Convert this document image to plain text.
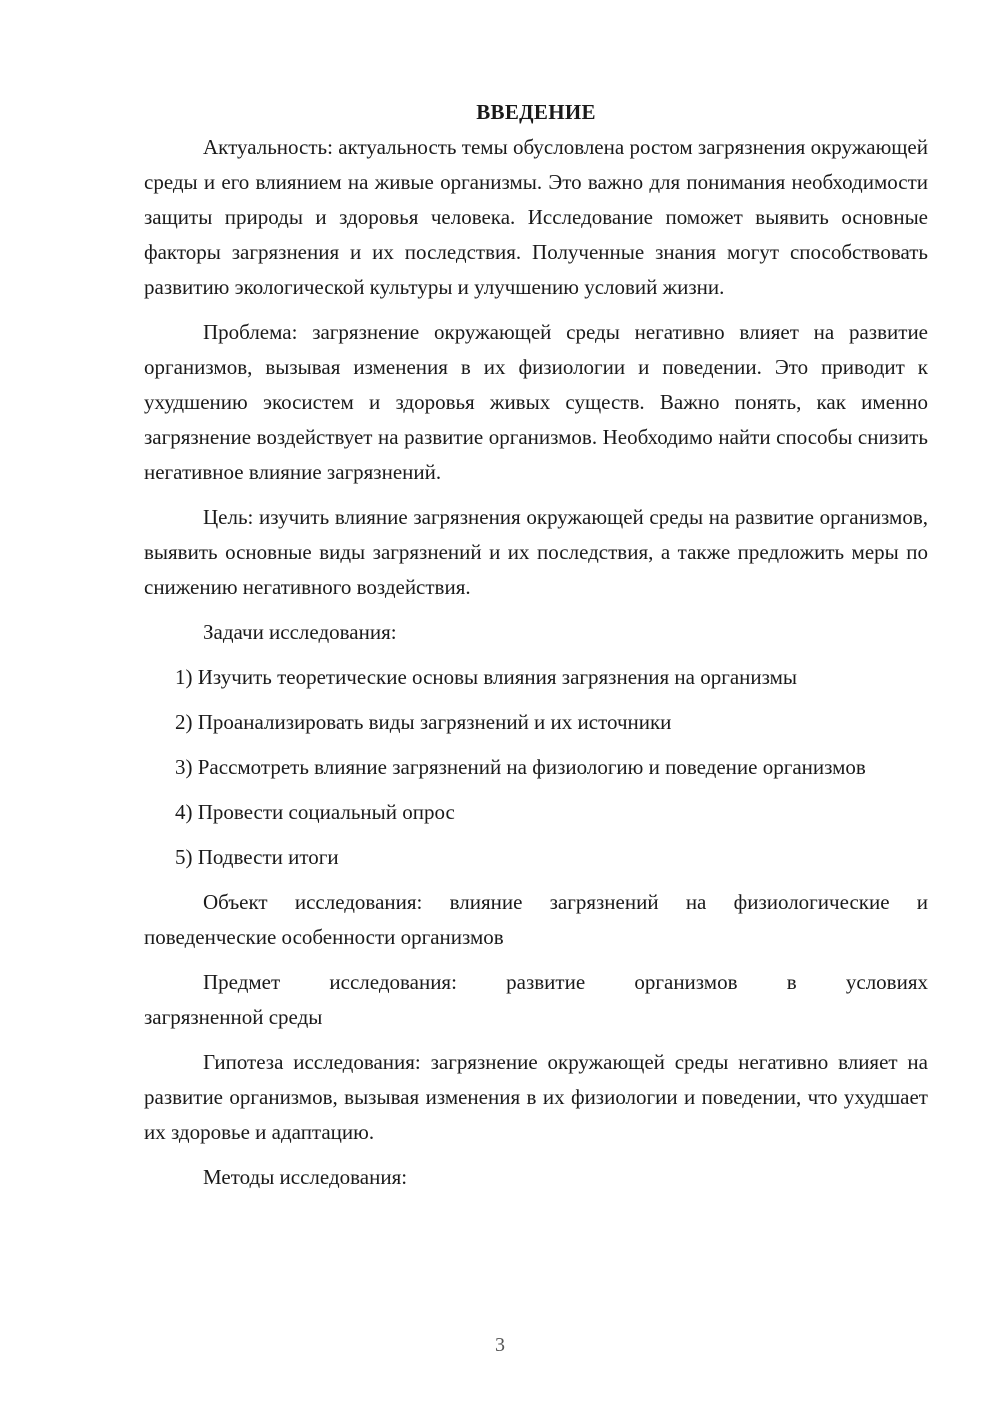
ВВЕДЕНИЕ

Актуальность: актуальность темы обусловлена ростом загрязнения окружающей среды и его влиянием на живые организмы. Это важно для понимания необходимости защиты природы и здоровья человека. Исследование поможет выявить основные факторы загрязнения и их последствия. Полученные знания могут способствовать развитию экологической культуры и улучшению условий жизни.

Проблема: загрязнение окружающей среды негативно влияет на развитие организмов, вызывая изменения в их физиологии и поведении. Это приводит к ухудшению экосистем и здоровья живых существ. Важно понять, как именно загрязнение воздействует на развитие организмов. Необходимо найти способы снизить негативное влияние загрязнений.

Цель: изучить влияние загрязнения окружающей среды на развитие организмов, выявить основные виды загрязнений и их последствия, а также предложить меры по снижению негативного воздействия.

Задачи исследования:

1) Изучить теоретические основы влияния загрязнения на организмы

2) Проанализировать виды загрязнений и их источники

3) Рассмотреть влияние загрязнений на физиологию и поведение организмов

4) Провести социальный опрос

5) Подвести итоги

Объект исследования: влияние загрязнений на физиологические и поведенческие особенности организмов

Предмет исследования: развитие организмов в условиях

загрязненной среды

Гипотеза исследования: загрязнение окружающей среды негативно влияет на развитие организмов, вызывая изменения в их физиологии и поведении, что ухудшает их здоровье и адаптацию.

Методы исследования:

3
